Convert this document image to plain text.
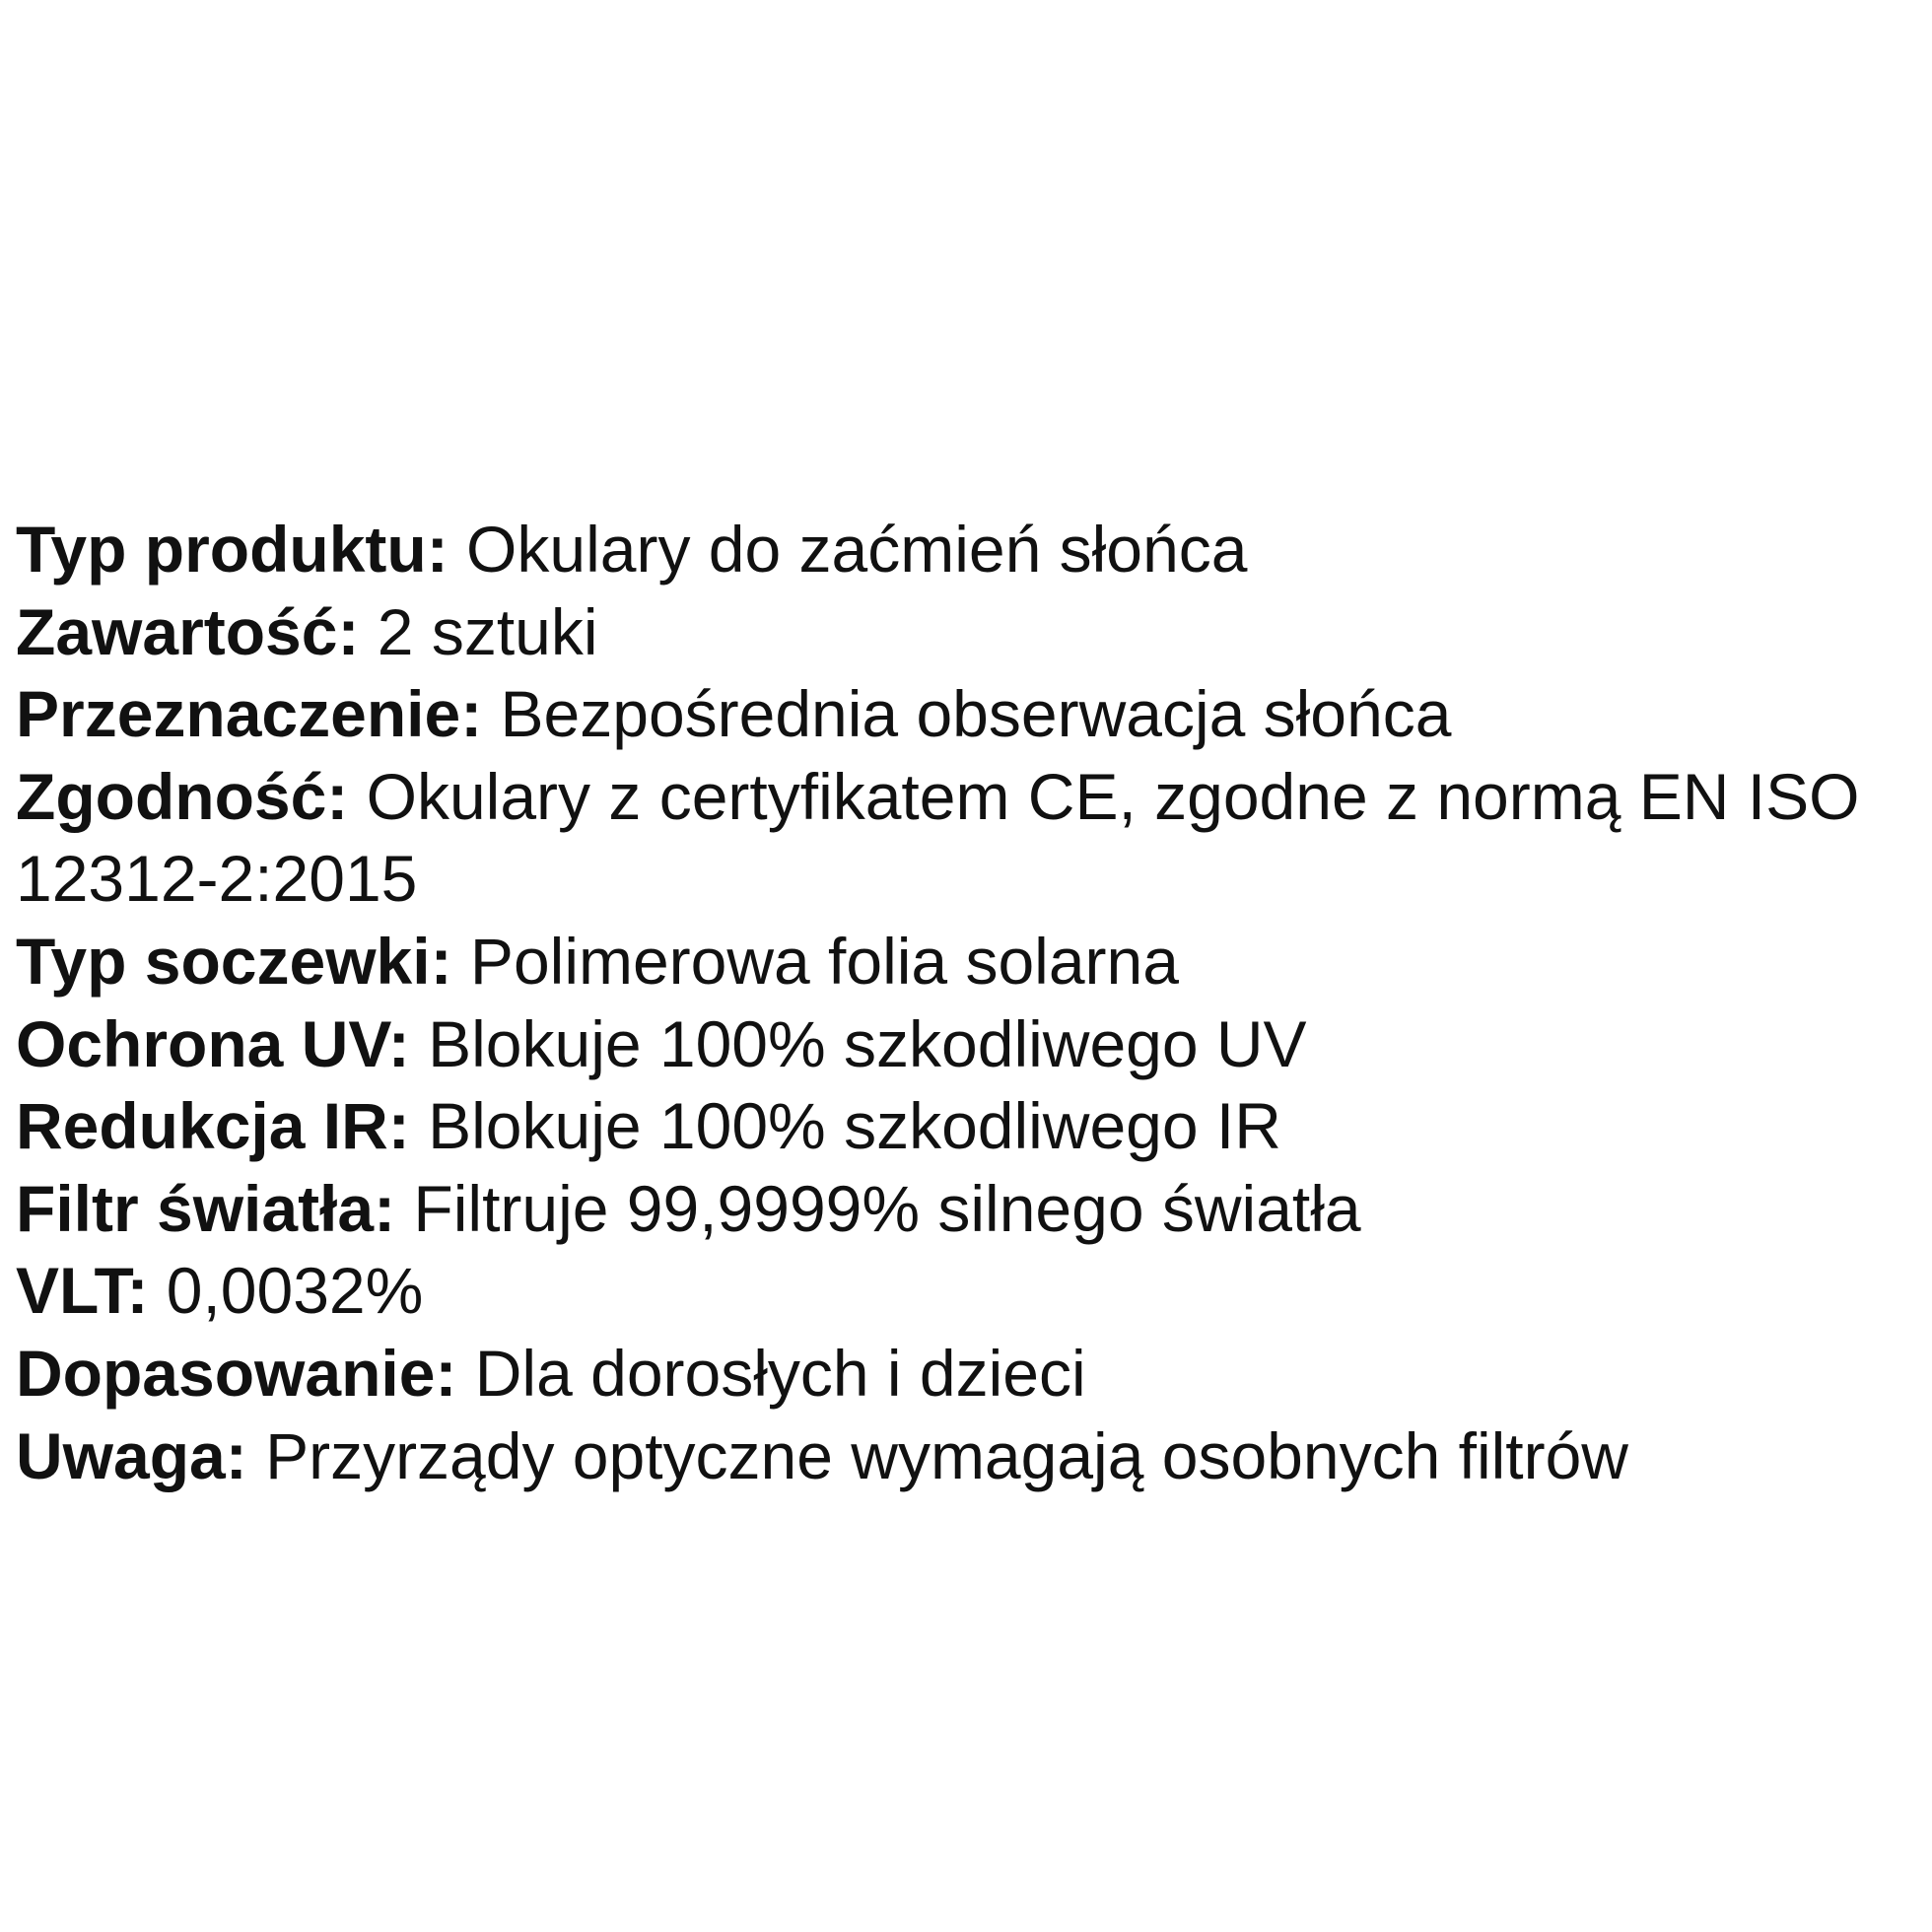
Typ produktu: Okulary do zaćmień słońca
Zawartość: 2 sztuki
Przeznaczenie: Bezpośrednia obserwacja słońca
Zgodność: Okulary z certyfikatem CE, zgodne z normą EN ISO 12312-2:2015
Typ soczewki: Polimerowa folia solarna
Ochrona UV: Blokuje 100% szkodliwego UV
Redukcja IR: Blokuje 100% szkodliwego IR
Filtr światła: Filtruje 99,9999% silnego światła
VLT: 0,0032%
Dopasowanie: Dla dorosłych i dzieci
Uwaga: Przyrządy optyczne wymagają osobnych filtrów
